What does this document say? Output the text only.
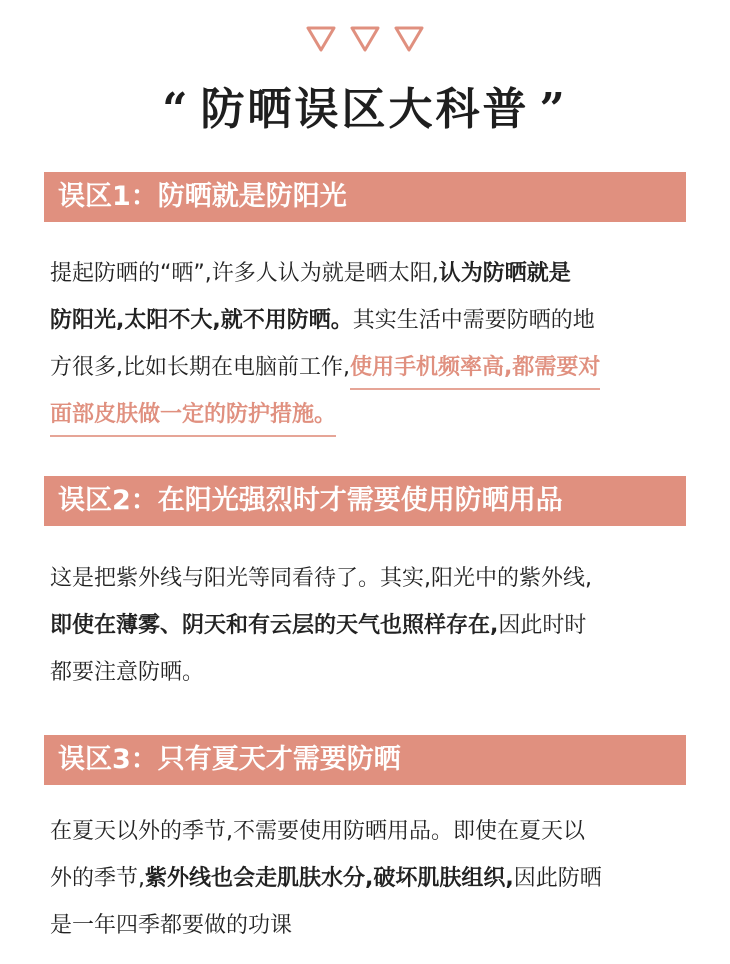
“ 防晒误区大科普 ”
误区1：防晒就是防阳光
提起防晒的“晒”,许多人认为就是晒太阳,认为防晒就是
防阳光,太阳不大,就不用防晒。其实生活中需要防晒的地
方很多,比如长期在电脑前工作,使用手机频率高,都需要对
面部皮肤做一定的防护措施。
误区2：在阳光强烈时才需要使用防晒用品
这是把紫外线与阳光等同看待了。其实,阳光中的紫外线,
即使在薄雾、阴天和有云层的天气也照样存在,因此时时
都要注意防晒。
误区3：只有夏天才需要防晒
在夏天以外的季节,不需要使用防晒用品。即使在夏天以
外的季节,紫外线也会走肌肤水分,破坏肌肤组织,因此防晒
是一年四季都要做的功课
